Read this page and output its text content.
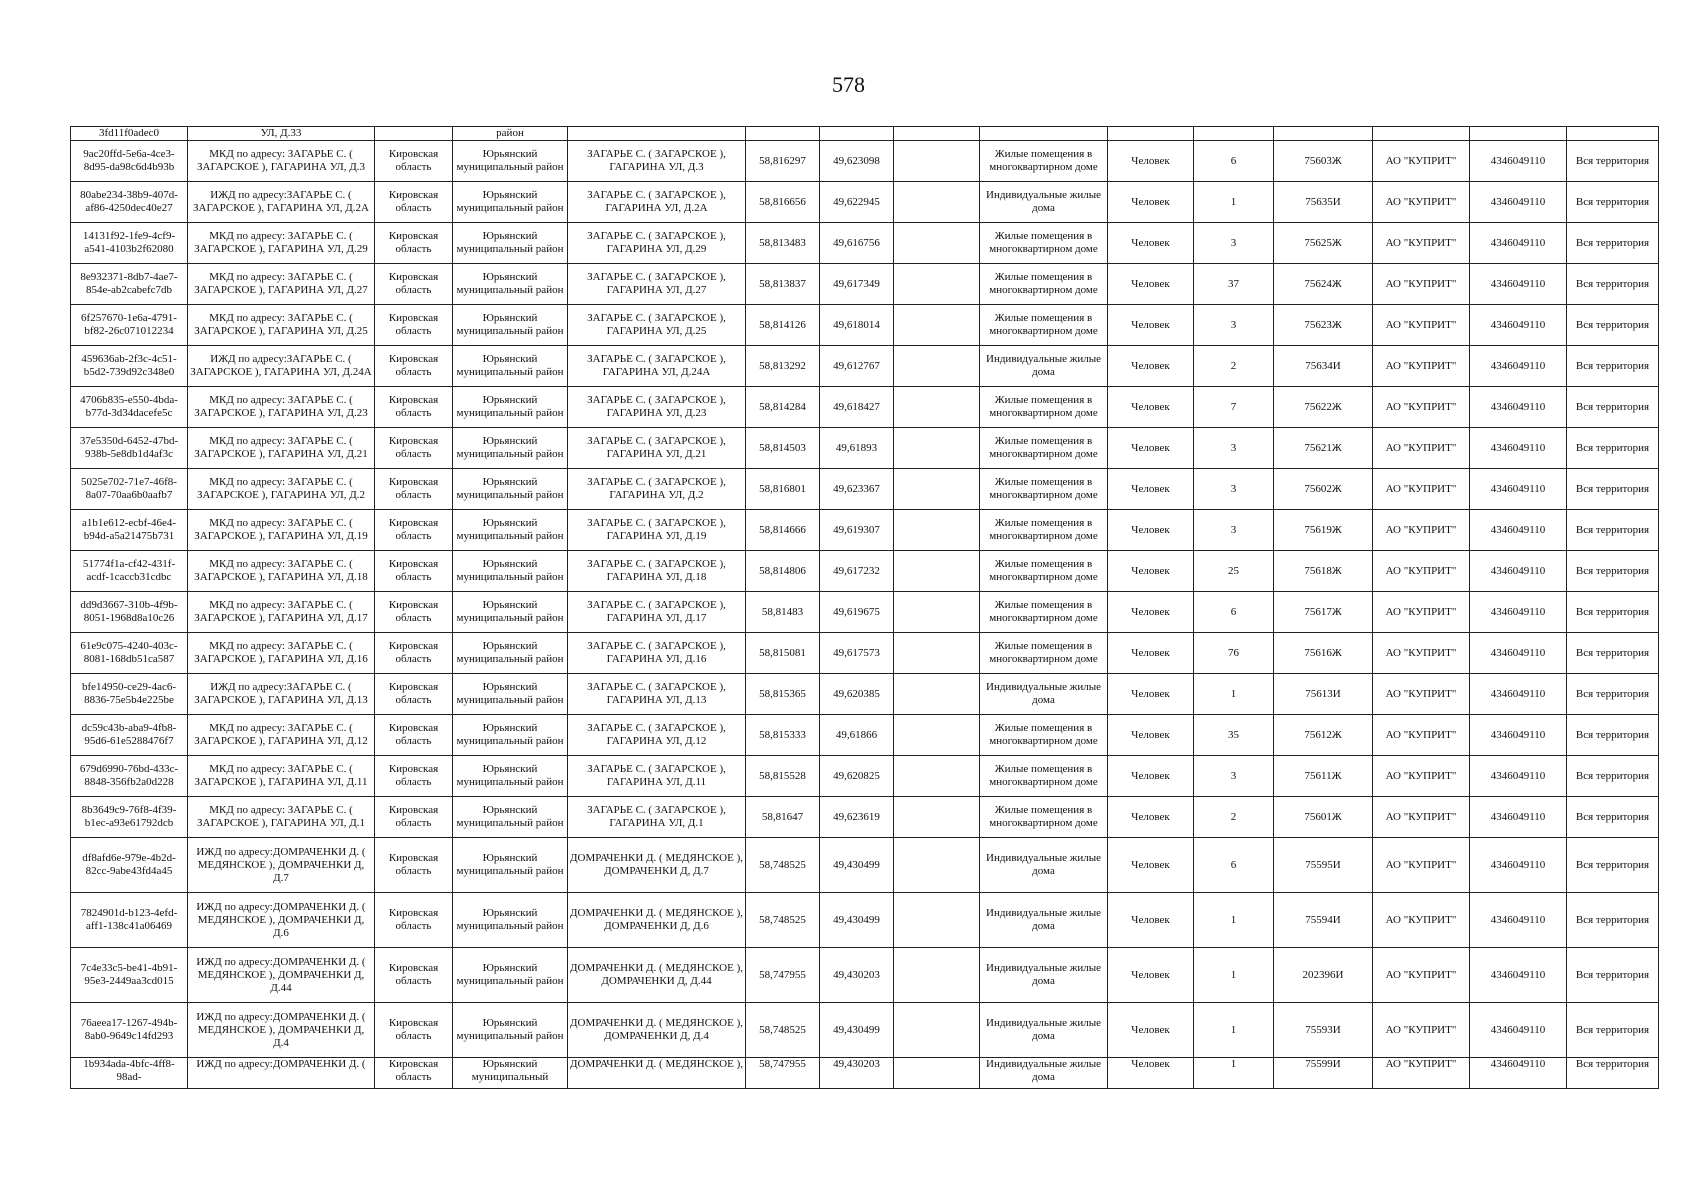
578
3fd11f0adec0	УЛ, Д.33		район											
9ac20ffd-5e6a-4ce3-8d95-da98c6d4b93b	МКД по адресу: ЗАГАРЬЕ С. ( ЗАГАРСКОЕ ), ГАГАРИНА УЛ, Д.3	Кировская область	Юрьянский муниципальный район	ЗАГАРЬЕ С. ( ЗАГАРСКОЕ ), ГАГАРИНА УЛ, Д.3	58,816297	49,623098		Жилые помещения в многоквартирном доме	Человек	6	75603Ж	АО "КУПРИТ"	4346049110	Вся территория
80abe234-38b9-407d-af86-4250dec40e27	ИЖД по адресу:ЗАГАРЬЕ С. ( ЗАГАРСКОЕ ), ГАГАРИНА УЛ, Д.2А	Кировская область	Юрьянский муниципальный район	ЗАГАРЬЕ С. ( ЗАГАРСКОЕ ), ГАГАРИНА УЛ, Д.2А	58,816656	49,622945		Индивидуальные жилые дома	Человек	1	75635И	АО "КУПРИТ"	4346049110	Вся территория
14131f92-1fe9-4cf9-a541-4103b2f62080	МКД по адресу: ЗАГАРЬЕ С. ( ЗАГАРСКОЕ ), ГАГАРИНА УЛ, Д.29	Кировская область	Юрьянский муниципальный район	ЗАГАРЬЕ С. ( ЗАГАРСКОЕ ), ГАГАРИНА УЛ, Д.29	58,813483	49,616756		Жилые помещения в многоквартирном доме	Человек	3	75625Ж	АО "КУПРИТ"	4346049110	Вся территория
8e932371-8db7-4ae7-854e-ab2cabefc7db	МКД по адресу: ЗАГАРЬЕ С. ( ЗАГАРСКОЕ ), ГАГАРИНА УЛ, Д.27	Кировская область	Юрьянский муниципальный район	ЗАГАРЬЕ С. ( ЗАГАРСКОЕ ), ГАГАРИНА УЛ, Д.27	58,813837	49,617349		Жилые помещения в многоквартирном доме	Человек	37	75624Ж	АО "КУПРИТ"	4346049110	Вся территория
6f257670-1e6a-4791-bf82-26c071012234	МКД по адресу: ЗАГАРЬЕ С. ( ЗАГАРСКОЕ ), ГАГАРИНА УЛ, Д.25	Кировская область	Юрьянский муниципальный район	ЗАГАРЬЕ С. ( ЗАГАРСКОЕ ), ГАГАРИНА УЛ, Д.25	58,814126	49,618014		Жилые помещения в многоквартирном доме	Человек	3	75623Ж	АО "КУПРИТ"	4346049110	Вся территория
459636ab-2f3c-4c51-b5d2-739d92c348e0	ИЖД по адресу:ЗАГАРЬЕ С. ( ЗАГАРСКОЕ ), ГАГАРИНА УЛ, Д.24А	Кировская область	Юрьянский муниципальный район	ЗАГАРЬЕ С. ( ЗАГАРСКОЕ ), ГАГАРИНА УЛ, Д.24А	58,813292	49,612767		Индивидуальные жилые дома	Человек	2	75634И	АО "КУПРИТ"	4346049110	Вся территория
4706b835-e550-4bda-b77d-3d34dacefe5c	МКД по адресу: ЗАГАРЬЕ С. ( ЗАГАРСКОЕ ), ГАГАРИНА УЛ, Д.23	Кировская область	Юрьянский муниципальный район	ЗАГАРЬЕ С. ( ЗАГАРСКОЕ ), ГАГАРИНА УЛ, Д.23	58,814284	49,618427		Жилые помещения в многоквартирном доме	Человек	7	75622Ж	АО "КУПРИТ"	4346049110	Вся территория
37e5350d-6452-47bd-938b-5e8db1d4af3c	МКД по адресу: ЗАГАРЬЕ С. ( ЗАГАРСКОЕ ), ГАГАРИНА УЛ, Д.21	Кировская область	Юрьянский муниципальный район	ЗАГАРЬЕ С. ( ЗАГАРСКОЕ ), ГАГАРИНА УЛ, Д.21	58,814503	49,61893		Жилые помещения в многоквартирном доме	Человек	3	75621Ж	АО "КУПРИТ"	4346049110	Вся территория
5025e702-71e7-46f8-8a07-70aa6b0aafb7	МКД по адресу: ЗАГАРЬЕ С. ( ЗАГАРСКОЕ ), ГАГАРИНА УЛ, Д.2	Кировская область	Юрьянский муниципальный район	ЗАГАРЬЕ С. ( ЗАГАРСКОЕ ), ГАГАРИНА УЛ, Д.2	58,816801	49,623367		Жилые помещения в многоквартирном доме	Человек	3	75602Ж	АО "КУПРИТ"	4346049110	Вся территория
a1b1e612-ecbf-46e4-b94d-a5a21475b731	МКД по адресу: ЗАГАРЬЕ С. ( ЗАГАРСКОЕ ), ГАГАРИНА УЛ, Д.19	Кировская область	Юрьянский муниципальный район	ЗАГАРЬЕ С. ( ЗАГАРСКОЕ ), ГАГАРИНА УЛ, Д.19	58,814666	49,619307		Жилые помещения в многоквартирном доме	Человек	3	75619Ж	АО "КУПРИТ"	4346049110	Вся территория
51774f1a-cf42-431f-acdf-1caccb31cdbc	МКД по адресу: ЗАГАРЬЕ С. ( ЗАГАРСКОЕ ), ГАГАРИНА УЛ, Д.18	Кировская область	Юрьянский муниципальный район	ЗАГАРЬЕ С. ( ЗАГАРСКОЕ ), ГАГАРИНА УЛ, Д.18	58,814806	49,617232		Жилые помещения в многоквартирном доме	Человек	25	75618Ж	АО "КУПРИТ"	4346049110	Вся территория
dd9d3667-310b-4f9b-8051-1968d8a10c26	МКД по адресу: ЗАГАРЬЕ С. ( ЗАГАРСКОЕ ), ГАГАРИНА УЛ, Д.17	Кировская область	Юрьянский муниципальный район	ЗАГАРЬЕ С. ( ЗАГАРСКОЕ ), ГАГАРИНА УЛ, Д.17	58,81483	49,619675		Жилые помещения в многоквартирном доме	Человек	6	75617Ж	АО "КУПРИТ"	4346049110	Вся территория
61e9c075-4240-403c-8081-168db51ca587	МКД по адресу: ЗАГАРЬЕ С. ( ЗАГАРСКОЕ ), ГАГАРИНА УЛ, Д.16	Кировская область	Юрьянский муниципальный район	ЗАГАРЬЕ С. ( ЗАГАРСКОЕ ), ГАГАРИНА УЛ, Д.16	58,815081	49,617573		Жилые помещения в многоквартирном доме	Человек	76	75616Ж	АО "КУПРИТ"	4346049110	Вся территория
bfe14950-ce29-4ac6-8836-75e5b4e225be	ИЖД по адресу:ЗАГАРЬЕ С. ( ЗАГАРСКОЕ ), ГАГАРИНА УЛ, Д.13	Кировская область	Юрьянский муниципальный район	ЗАГАРЬЕ С. ( ЗАГАРСКОЕ ), ГАГАРИНА УЛ, Д.13	58,815365	49,620385		Индивидуальные жилые дома	Человек	1	75613И	АО "КУПРИТ"	4346049110	Вся территория
dc59c43b-aba9-4fb8-95d6-61e5288476f7	МКД по адресу: ЗАГАРЬЕ С. ( ЗАГАРСКОЕ ), ГАГАРИНА УЛ, Д.12	Кировская область	Юрьянский муниципальный район	ЗАГАРЬЕ С. ( ЗАГАРСКОЕ ), ГАГАРИНА УЛ, Д.12	58,815333	49,61866		Жилые помещения в многоквартирном доме	Человек	35	75612Ж	АО "КУПРИТ"	4346049110	Вся территория
679d6990-76bd-433c-8848-356fb2a0d228	МКД по адресу: ЗАГАРЬЕ С. ( ЗАГАРСКОЕ ), ГАГАРИНА УЛ, Д.11	Кировская область	Юрьянский муниципальный район	ЗАГАРЬЕ С. ( ЗАГАРСКОЕ ), ГАГАРИНА УЛ, Д.11	58,815528	49,620825		Жилые помещения в многоквартирном доме	Человек	3	75611Ж	АО "КУПРИТ"	4346049110	Вся территория
8b3649c9-76f8-4f39-b1ec-a93e61792dcb	МКД по адресу: ЗАГАРЬЕ С. ( ЗАГАРСКОЕ ), ГАГАРИНА УЛ, Д.1	Кировская область	Юрьянский муниципальный район	ЗАГАРЬЕ С. ( ЗАГАРСКОЕ ), ГАГАРИНА УЛ, Д.1	58,81647	49,623619		Жилые помещения в многоквартирном доме	Человек	2	75601Ж	АО "КУПРИТ"	4346049110	Вся территория
df8afd6e-979e-4b2d-82cc-9abe43fd4a45	ИЖД по адресу:ДОМРАЧЕНКИ Д. ( МЕДЯНСКОЕ ), ДОМРАЧЕНКИ Д, Д.7	Кировская область	Юрьянский муниципальный район	ДОМРАЧЕНКИ Д. ( МЕДЯНСКОЕ ), ДОМРАЧЕНКИ Д, Д.7	58,748525	49,430499		Индивидуальные жилые дома	Человек	6	75595И	АО "КУПРИТ"	4346049110	Вся территория
7824901d-b123-4efd-aff1-138c41a06469	ИЖД по адресу:ДОМРАЧЕНКИ Д. ( МЕДЯНСКОЕ ), ДОМРАЧЕНКИ Д, Д.6	Кировская область	Юрьянский муниципальный район	ДОМРАЧЕНКИ Д. ( МЕДЯНСКОЕ ), ДОМРАЧЕНКИ Д, Д.6	58,748525	49,430499		Индивидуальные жилые дома	Человек	1	75594И	АО "КУПРИТ"	4346049110	Вся территория
7c4e33c5-be41-4b91-95e3-2449aa3cd015	ИЖД по адресу:ДОМРАЧЕНКИ Д. ( МЕДЯНСКОЕ ), ДОМРАЧЕНКИ Д, Д.44	Кировская область	Юрьянский муниципальный район	ДОМРАЧЕНКИ Д. ( МЕДЯНСКОЕ ), ДОМРАЧЕНКИ Д, Д.44	58,747955	49,430203		Индивидуальные жилые дома	Человек	1	202396И	АО "КУПРИТ"	4346049110	Вся территория
76aeea17-1267-494b-8ab0-9649c14fd293	ИЖД по адресу:ДОМРАЧЕНКИ Д. ( МЕДЯНСКОЕ ), ДОМРАЧЕНКИ Д, Д.4	Кировская область	Юрьянский муниципальный район	ДОМРАЧЕНКИ Д. ( МЕДЯНСКОЕ ), ДОМРАЧЕНКИ Д, Д.4	58,748525	49,430499		Индивидуальные жилые дома	Человек	1	75593И	АО "КУПРИТ"	4346049110	Вся территория
1b934ada-4bfc-4ff8-98ad-	ИЖД по адресу:ДОМРАЧЕНКИ Д. (	Кировская область	Юрьянский муниципальный	ДОМРАЧЕНКИ Д. ( МЕДЯНСКОЕ ),	58,747955	49,430203		Индивидуальные жилые дома	Человек	1	75599И	АО "КУПРИТ"	4346049110	Вся территория
